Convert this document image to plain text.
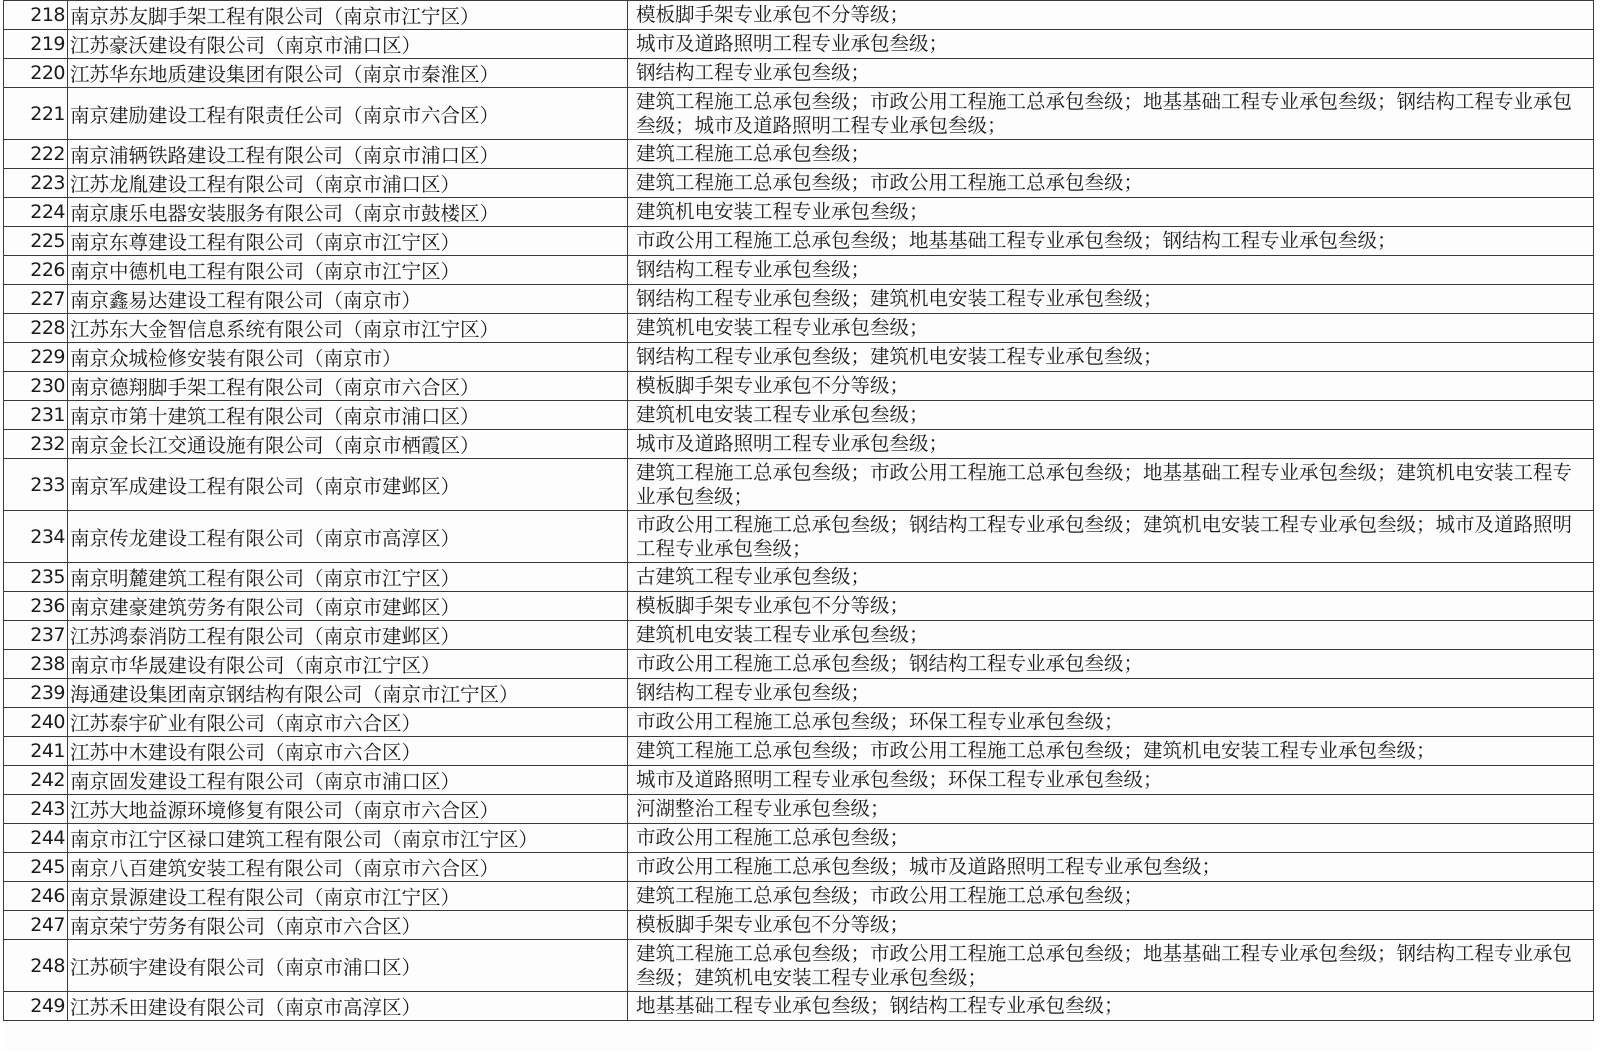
218	南京苏友脚手架工程有限公司（南京市江宁区）	模板脚手架专业承包不分等级；
219	江苏豪沃建设有限公司（南京市浦口区）	城市及道路照明工程专业承包叁级；
220	江苏华东地质建设集团有限公司（南京市秦淮区）	钢结构工程专业承包叁级；
221	南京建励建设工程有限责任公司（南京市六合区）	建筑工程施工总承包叁级；市政公用工程施工总承包叁级；地基基础工程专业承包叁级；钢结构工程专业承包叁级；城市及道路照明工程专业承包叁级；
222	南京浦辆铁路建设工程有限公司（南京市浦口区）	建筑工程施工总承包叁级；
223	江苏龙胤建设工程有限公司（南京市浦口区）	建筑工程施工总承包叁级；市政公用工程施工总承包叁级；
224	南京康乐电器安装服务有限公司（南京市鼓楼区）	建筑机电安装工程专业承包叁级；
225	南京东尊建设工程有限公司（南京市江宁区）	市政公用工程施工总承包叁级；地基基础工程专业承包叁级；钢结构工程专业承包叁级；
226	南京中德机电工程有限公司（南京市江宁区）	钢结构工程专业承包叁级；
227	南京鑫易达建设工程有限公司（南京市）	钢结构工程专业承包叁级；建筑机电安装工程专业承包叁级；
228	江苏东大金智信息系统有限公司（南京市江宁区）	建筑机电安装工程专业承包叁级；
229	南京众城检修安装有限公司（南京市）	钢结构工程专业承包叁级；建筑机电安装工程专业承包叁级；
230	南京德翔脚手架工程有限公司（南京市六合区）	模板脚手架专业承包不分等级；
231	南京市第十建筑工程有限公司（南京市浦口区）	建筑机电安装工程专业承包叁级；
232	南京金长江交通设施有限公司（南京市栖霞区）	城市及道路照明工程专业承包叁级；
233	南京军成建设工程有限公司（南京市建邺区）	建筑工程施工总承包叁级；市政公用工程施工总承包叁级；地基基础工程专业承包叁级；建筑机电安装工程专业承包叁级；
234	南京传龙建设工程有限公司（南京市高淳区）	市政公用工程施工总承包叁级；钢结构工程专业承包叁级；建筑机电安装工程专业承包叁级；城市及道路照明工程专业承包叁级；
235	南京明麓建筑工程有限公司（南京市江宁区）	古建筑工程专业承包叁级；
236	南京建豪建筑劳务有限公司（南京市建邺区）	模板脚手架专业承包不分等级；
237	江苏鸿泰消防工程有限公司（南京市建邺区）	建筑机电安装工程专业承包叁级；
238	南京市华晟建设有限公司（南京市江宁区）	市政公用工程施工总承包叁级；钢结构工程专业承包叁级；
239	海通建设集团南京钢结构有限公司（南京市江宁区）	钢结构工程专业承包叁级；
240	江苏泰宇矿业有限公司（南京市六合区）	市政公用工程施工总承包叁级；环保工程专业承包叁级；
241	江苏中木建设有限公司（南京市六合区）	建筑工程施工总承包叁级；市政公用工程施工总承包叁级；建筑机电安装工程专业承包叁级；
242	南京固发建设工程有限公司（南京市浦口区）	城市及道路照明工程专业承包叁级；环保工程专业承包叁级；
243	江苏大地益源环境修复有限公司（南京市六合区）	河湖整治工程专业承包叁级；
244	南京市江宁区禄口建筑工程有限公司（南京市江宁区）	市政公用工程施工总承包叁级；
245	南京八百建筑安装工程有限公司（南京市六合区）	市政公用工程施工总承包叁级；城市及道路照明工程专业承包叁级；
246	南京景源建设工程有限公司（南京市江宁区）	建筑工程施工总承包叁级；市政公用工程施工总承包叁级；
247	南京荣宁劳务有限公司（南京市六合区）	模板脚手架专业承包不分等级；
248	江苏硕宇建设有限公司（南京市浦口区）	建筑工程施工总承包叁级；市政公用工程施工总承包叁级；地基基础工程专业承包叁级；钢结构工程专业承包叁级；建筑机电安装工程专业承包叁级；
249	江苏禾田建设有限公司（南京市高淳区）	地基基础工程专业承包叁级；钢结构工程专业承包叁级；
